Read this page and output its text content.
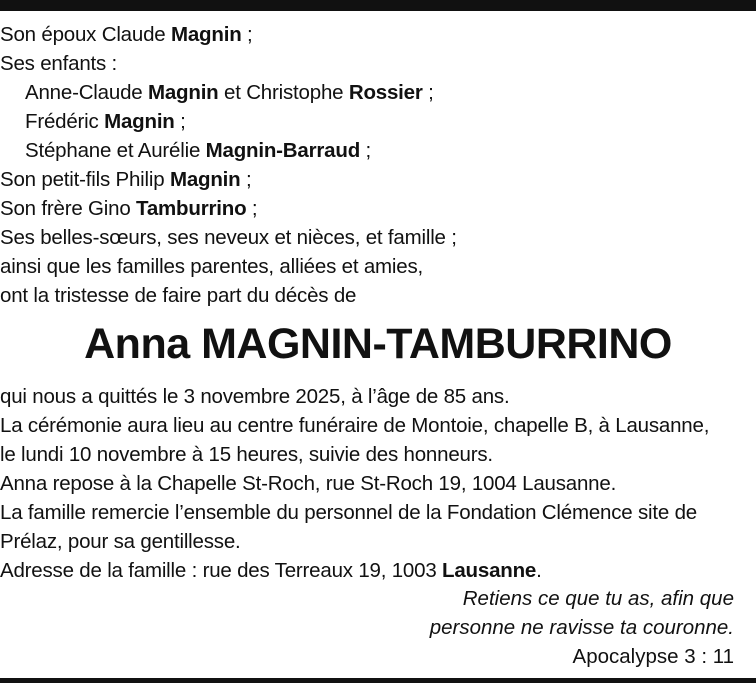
Son époux Claude Magnin ;
Ses enfants :
Anne-Claude Magnin et Christophe Rossier ;
Frédéric Magnin ;
Stéphane et Aurélie Magnin-Barraud ;
Son petit-fils Philip Magnin ;
Son frère Gino Tamburrino ;
Ses belles-sœurs, ses neveux et nièces, et famille ;
ainsi que les familles parentes, alliées et amies,
ont la tristesse de faire part du décès de
Anna MAGNIN-TAMBURRINO
qui nous a quittés le 3 novembre 2025, à l’âge de 85 ans.
La cérémonie aura lieu au centre funéraire de Montoie, chapelle B, à Lausanne,
le lundi 10 novembre à 15 heures, suivie des honneurs.
Anna repose à la Chapelle St-Roch, rue St-Roch 19, 1004 Lausanne.
La famille remercie l’ensemble du personnel de la Fondation Clémence site de
Prélaz, pour sa gentillesse.
Adresse de la famille : rue des Terreaux 19, 1003 Lausanne.
Retiens ce que tu as, afin que
personne ne ravisse ta couronne.
Apocalypse 3 : 11
